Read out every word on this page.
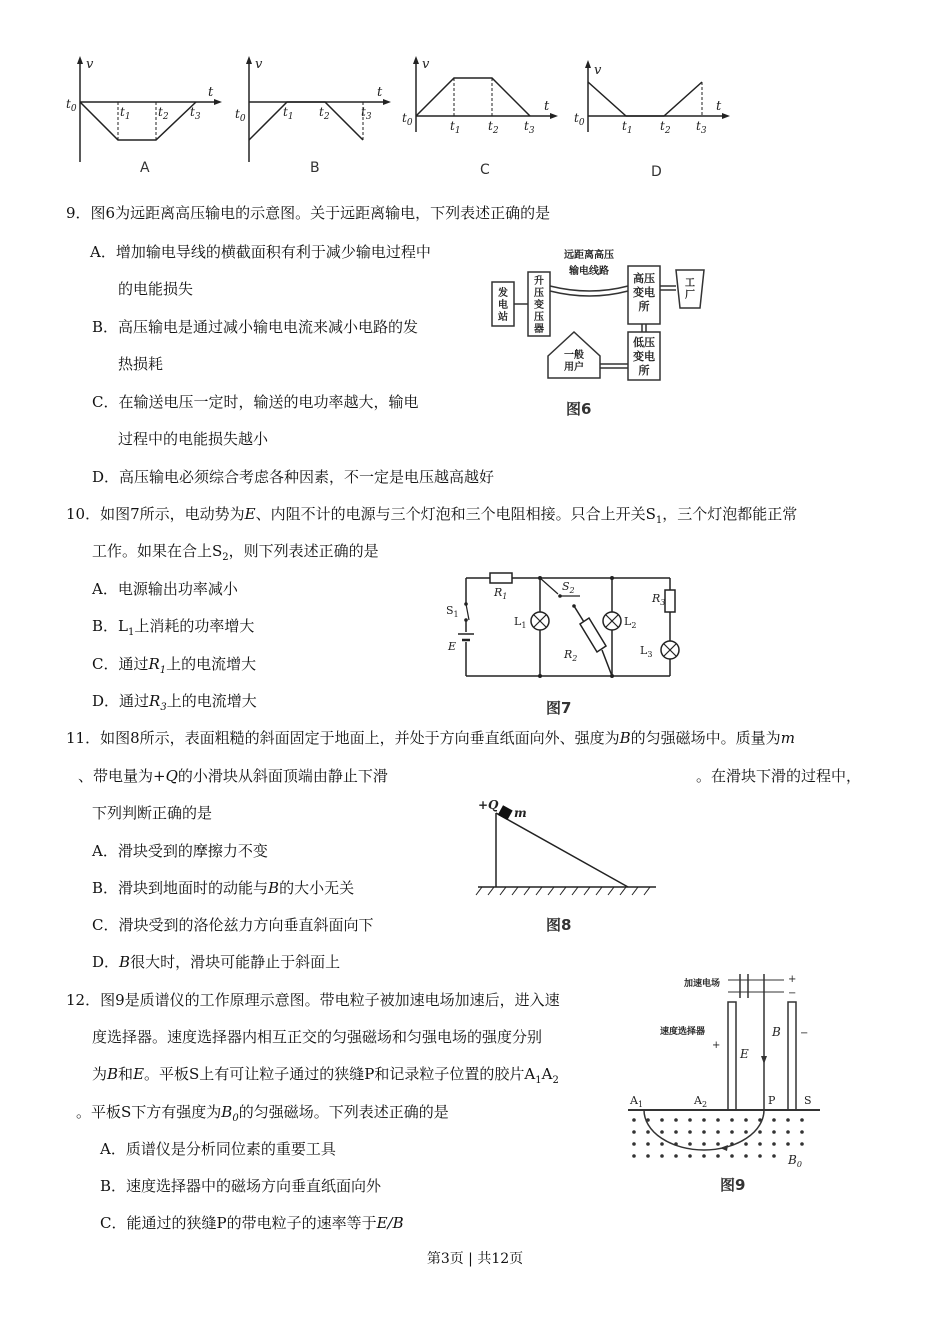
v
t
$t_0$	$t_1$ $t_2$ $t_3$
A
v
t
$t_0$	$t_1$ $t_2$	$t_3$
B
v
t
$t_0$	$t_1$ $t_2$ $t_3$
C
v
t
$t_0$	$t_1$ $t_2$ $t_3$
D
9．图6为远距离高压输电的示意图。关于远距离输电，下列表述正确的是
A．增加输电导线的横截面积有利于减少输电过程中
的电能损失
B．高压输电是通过减小输电电流来减小电路的发
热损耗
C．在输送电压一定时，输送的电功率越大，输电
过程中的电能损失越小
D．高压输电必须综合考虑各种因素，不一定是电压越高越好
发电站
升压变压器
远距离高压
输电线路
高压变电所
工厂
低压变电所
一般用户
图6
10．如图7所示，电动势为E、内阻不计的电源与三个灯泡和三个电阻相接。只合上开关$S_1$，三个灯泡都能正常
工作。如果在合上$S_2$，则下列表述正确的是
A．电源输出功率减小
B．$L_1$上消耗的功率增大
C．通过$R_1$上的电流增大
D．通过$R_3$上的电流增大
$R_1$
$S_2$
$R_3$
$S_1$
E
$L_1$	$L_2$
$L_3$
$R_2$
图7
11．如图8所示，表面粗糙的斜面固定于地面上，并处于方向垂直纸面向外、强度为B的匀强磁场中。质量为m
、带电量为+Q的小滑块从斜面顶端由静止下滑	。在滑块下滑的过程中，
下列判断正确的是
A．滑块受到的摩擦力不变
B．滑块到地面时的动能与B的大小无关
C．滑块受到的洛伦兹力方向垂直斜面向下
D．B很大时，滑块可能静止于斜面上
+Q
m
图8
12．图9是质谱仪的工作原理示意图。带电粒子被加速电场加速后，进入速
度选择器。速度选择器内相互正交的匀强磁场和匀强电场的强度分别
为B和E。平板S上有可让粒子通过的狭缝P和记录粒子位置的胶片$A_1A_2$
。平板S下方有强度为$B_0$的匀强磁场。下列表述正确的是
A．质谱仪是分析同位素的重要工具
B．速度选择器中的磁场方向垂直纸面向外
C．能通过的狭缝P的带电粒子的速率等于E/B
加速电场	+
−
速度选择器
+
−
E
B
$A_1$	$A_2$	P	S
$B_0$
图9
第3页 | 共12页
